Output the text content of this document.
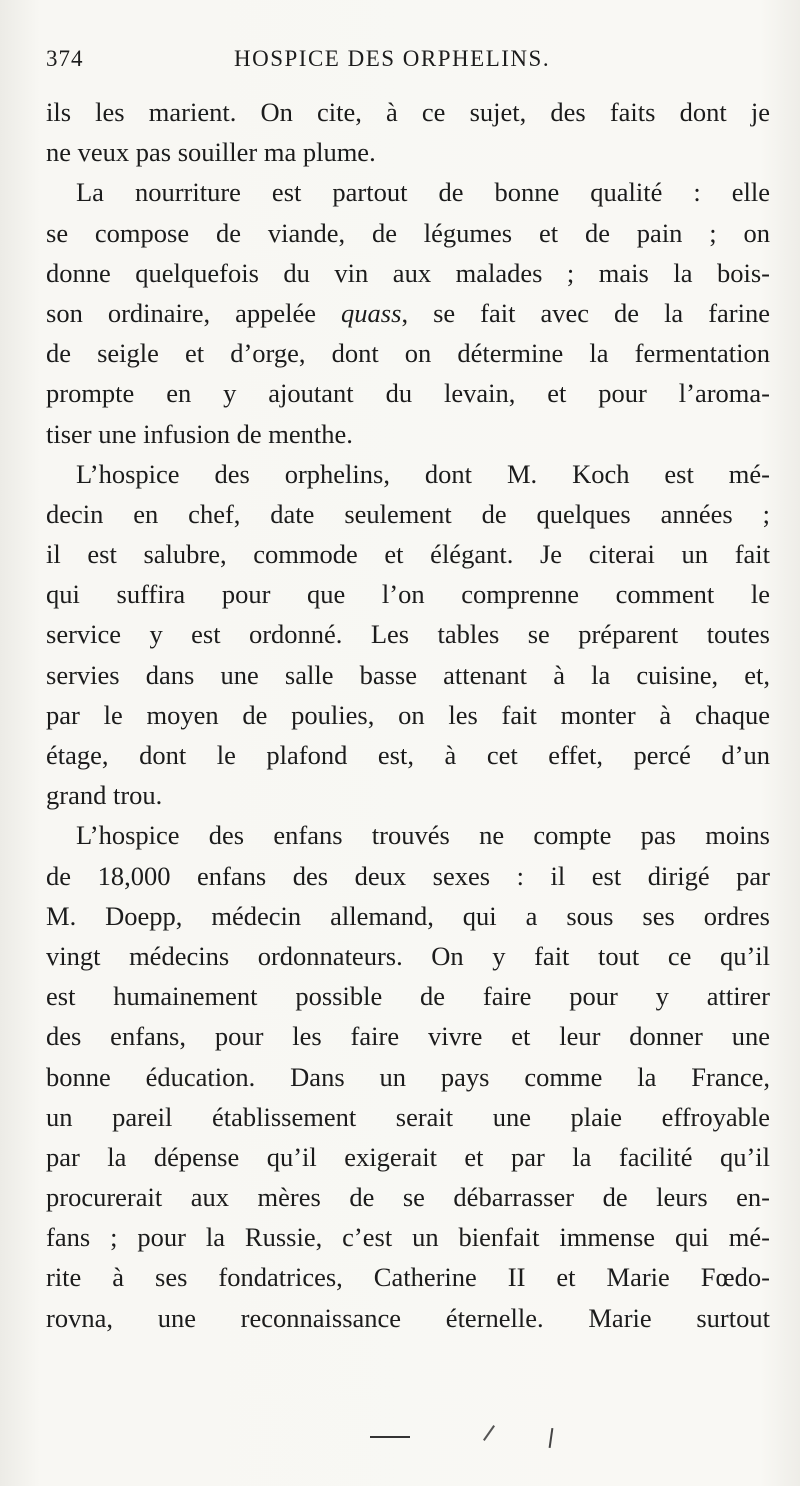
374	HOSPICE DES ORPHELINS.
ils les marient. On cite, à ce sujet, des faits dont je
ne veux pas souiller ma plume.
La nourriture est partout de bonne qualité : elle
se compose de viande, de légumes et de pain ; on
donne quelquefois du vin aux malades ; mais la bois-
son ordinaire, appelée quass, se fait avec de la farine
de seigle et d’orge, dont on détermine la fermentation
prompte en y ajoutant du levain, et pour l’aroma-
tiser une infusion de menthe.
L’hospice des orphelins, dont M. Koch est mé-
decin en chef, date seulement de quelques années ;
il est salubre, commode et élégant. Je citerai un fait
qui suffira pour que l’on comprenne comment le
service y est ordonné. Les tables se préparent toutes
servies dans une salle basse attenant à la cuisine, et,
par le moyen de poulies, on les fait monter à chaque
étage, dont le plafond est, à cet effet, percé d’un
grand trou.
L’hospice des enfans trouvés ne compte pas moins
de 18,000 enfans des deux sexes : il est dirigé par
M. Doepp, médecin allemand, qui a sous ses ordres
vingt médecins ordonnateurs. On y fait tout ce qu’il
est humainement possible de faire pour y attirer
des enfans, pour les faire vivre et leur donner une
bonne éducation. Dans un pays comme la France,
un pareil établissement serait une plaie effroyable
par la dépense qu’il exigerait et par la facilité qu’il
procurerait aux mères de se débarrasser de leurs en-
fans ; pour la Russie, c’est un bienfait immense qui mé-
rite à ses fondatrices, Catherine II et Marie Fœdo-
rovna, une reconnaissance éternelle. Marie surtout
